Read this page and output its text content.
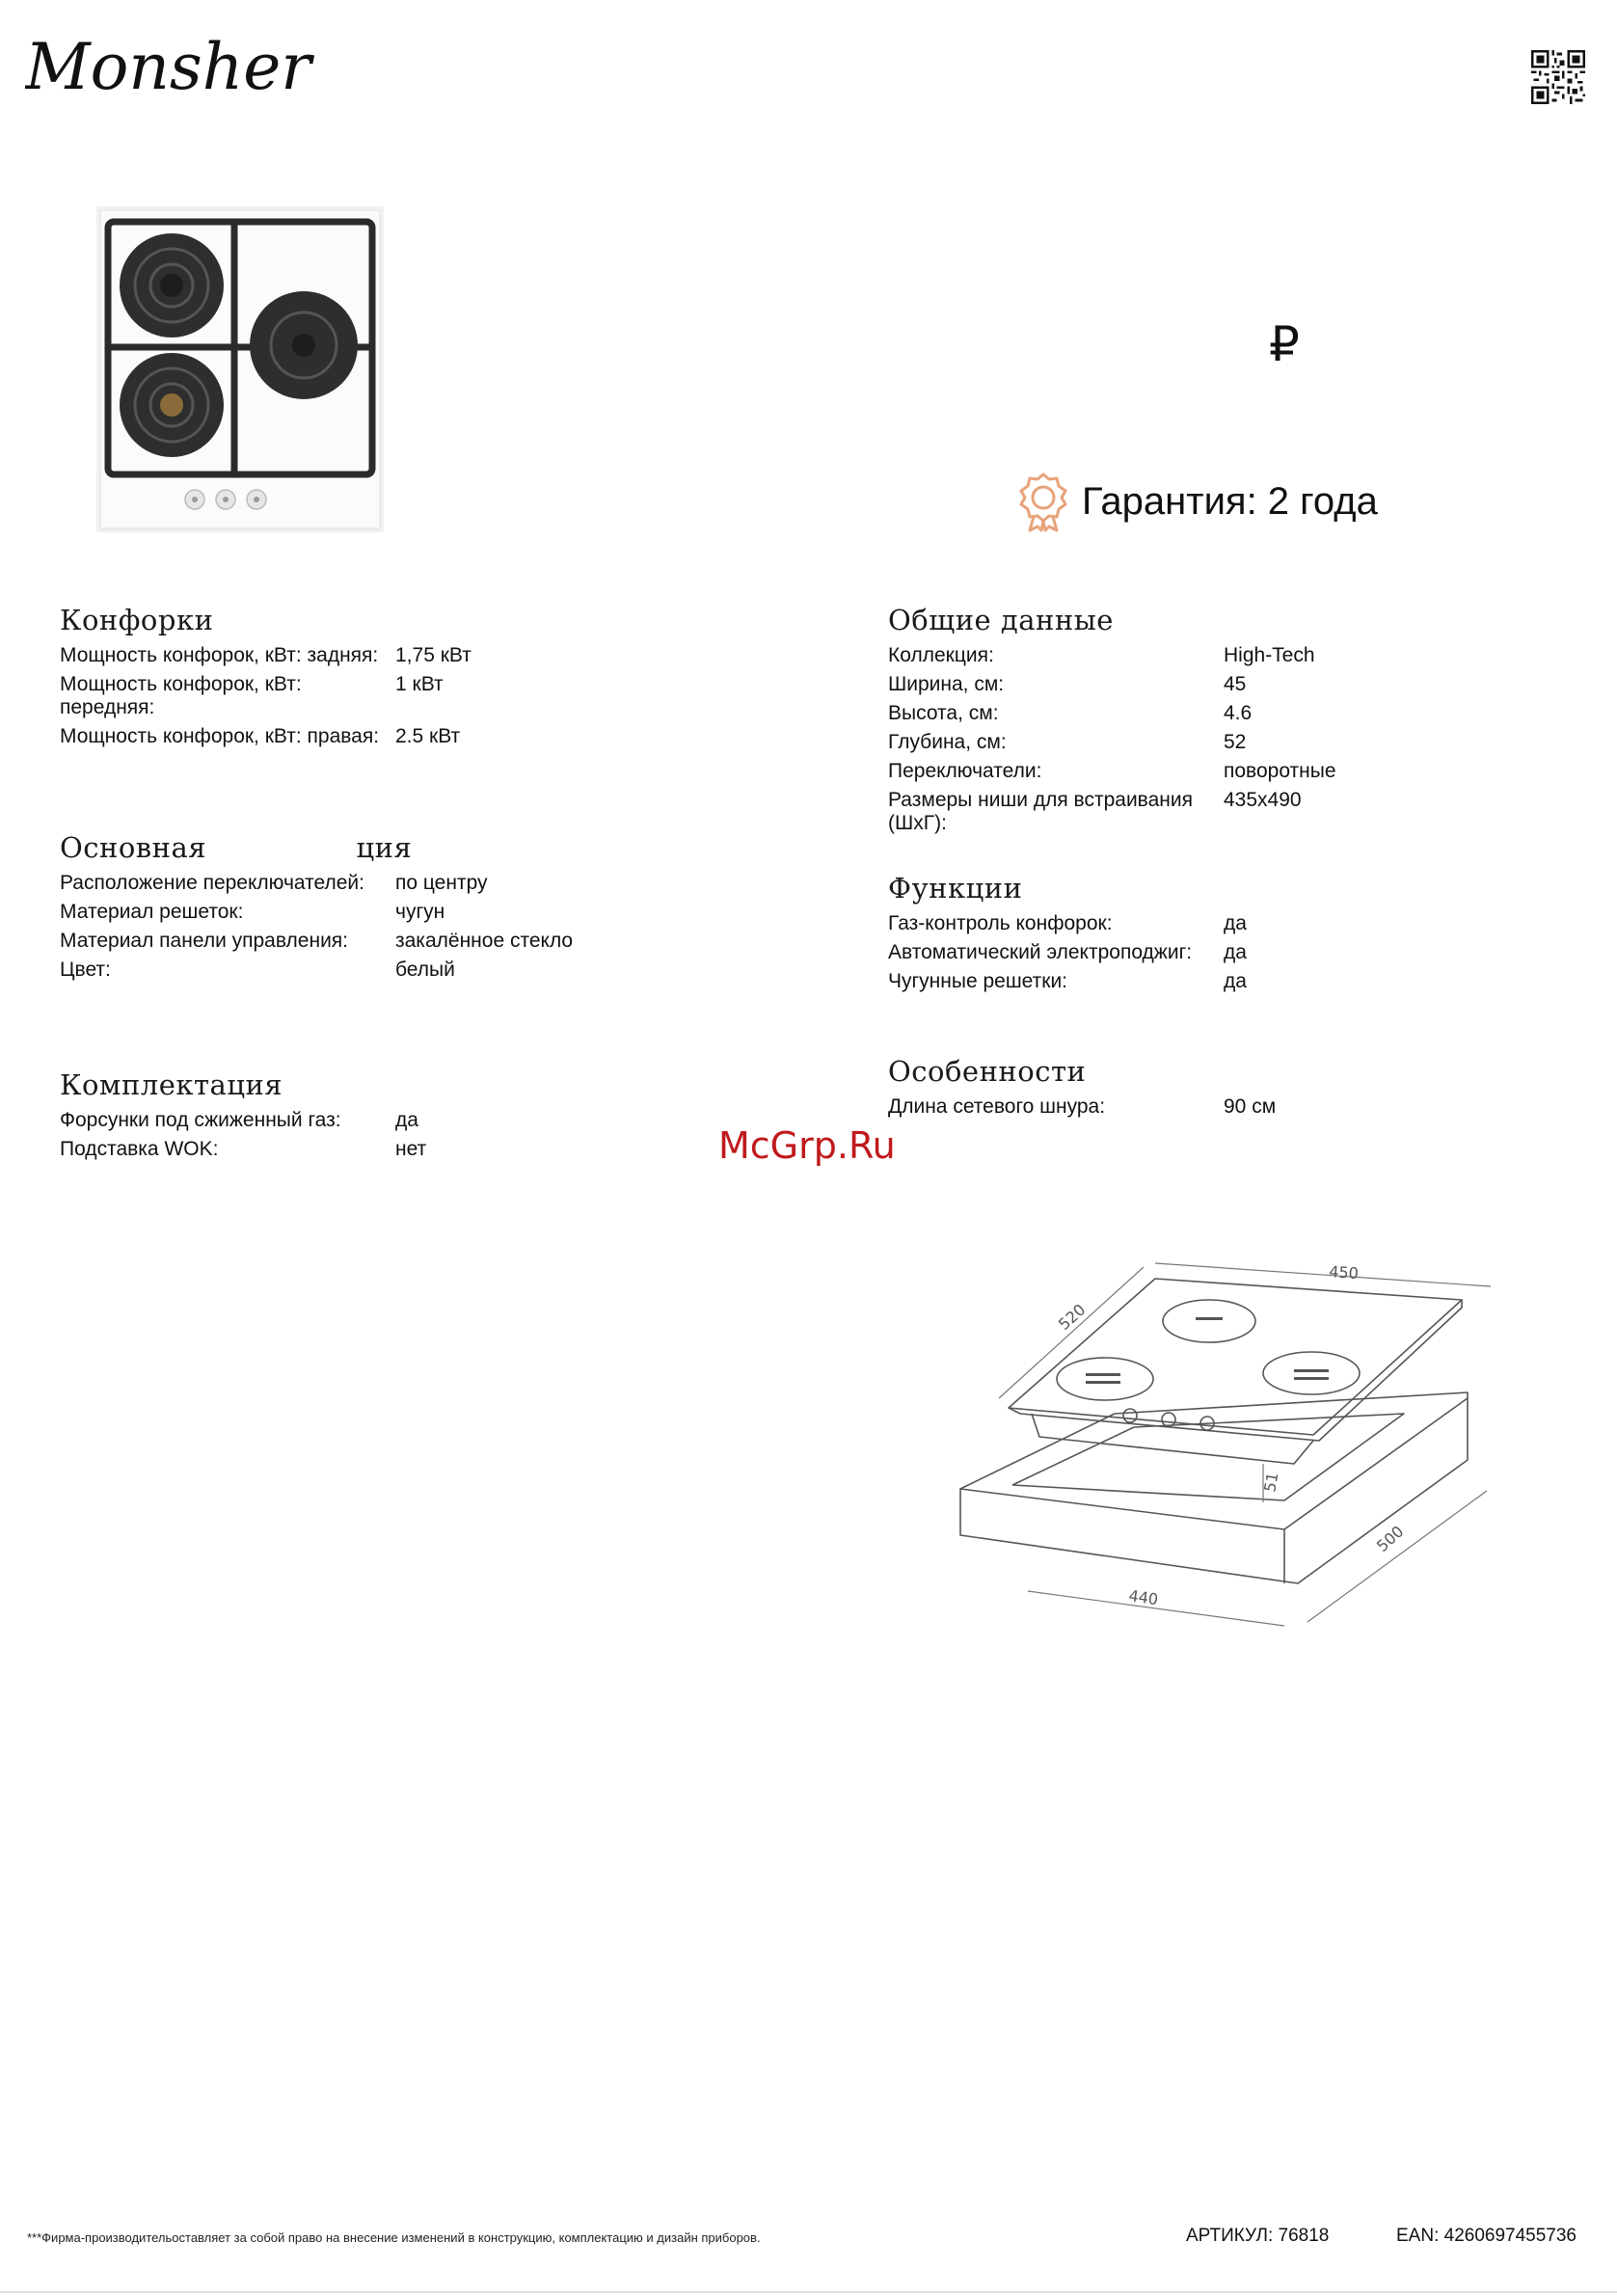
Monsher
₽
Гарантия: 2 года
Конфорки
Мощность конфорок, кВт: задняя: 1,75 кВт
Мощность конфорок, кВт: передняя:
1 кВт
Мощность конфорок, кВт: правая: 2.5 кВт
Основная                ция
Расположение переключателей:	по центру
Материал решеток:	чугун
Материал панели управления:	закалённое стекло
Цвет:	белый
Комплектация
Форсунки под сжиженный газ:	да
Подставка WOK:	нет
Общие данные
Коллекция:	High-Tech
Ширина, см:	45
Высота, см:	4.6
Глубина, см:	52
Переключатели:	поворотные
Размеры ниши для встраивания (ШхГ):
435x490
Функции
Газ-контроль конфорок:	да
Автоматический электроподжиг:	да
Чугунные решетки:	да
Особенности
Длина сетевого шнура:	90 см
McGrp.Ru
450
520
51
440
500
***Фирма-производительоставляет за собой право на внесение изменений в конструкцию, комплектацию и дизайн приборов.	АРТИКУЛ: 76818	EAN: 4260697455736
